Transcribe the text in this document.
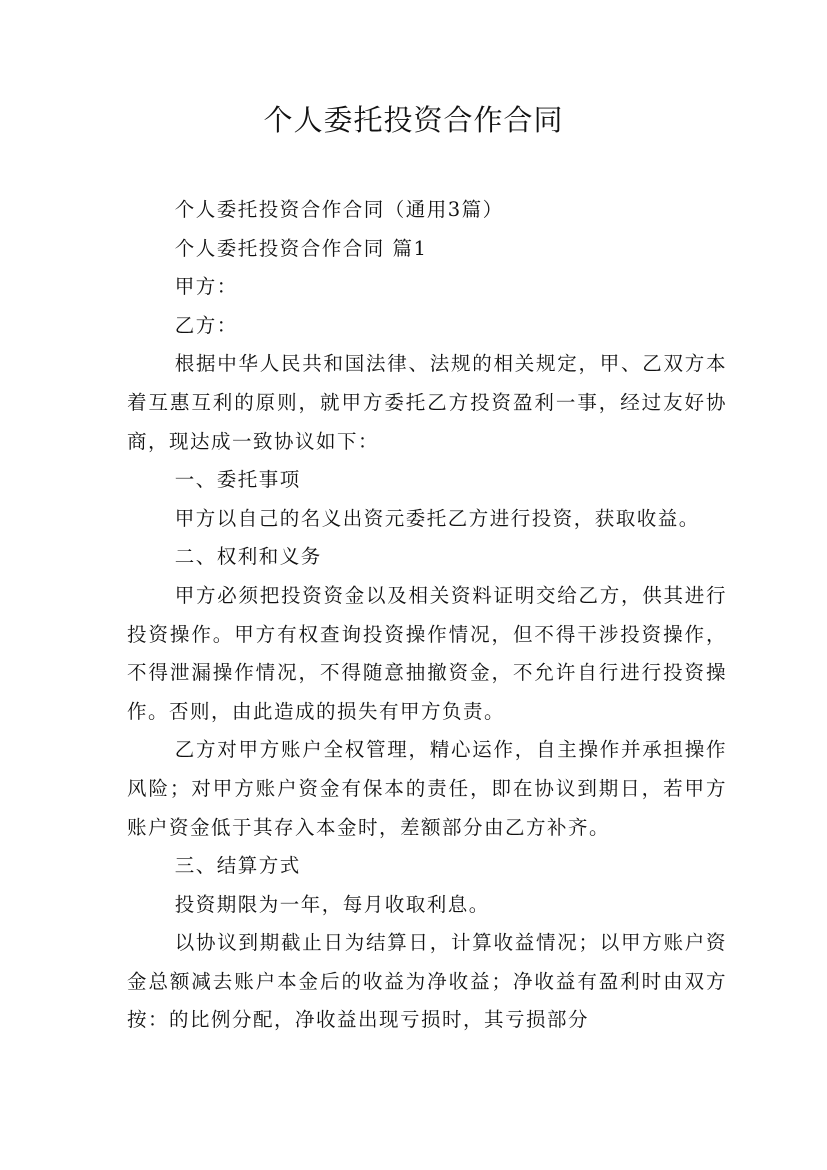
个人委托投资合作合同

个人委托投资合作合同（通用3篇）

个人委托投资合作合同 篇1

甲方：

乙方：

根据中华人民共和国法律、法规的相关规定，甲、乙双方本着互惠互利的原则，就甲方委托乙方投资盈利一事，经过友好协商，现达成一致协议如下：

一、委托事项

甲方以自己的名义出资元委托乙方进行投资，获取收益。

二、权利和义务

甲方必须把投资资金以及相关资料证明交给乙方，供其进行投资操作。甲方有权查询投资操作情况，但不得干涉投资操作，不得泄漏操作情况，不得随意抽撤资金，不允许自行进行投资操作。否则，由此造成的损失有甲方负责。

乙方对甲方账户全权管理，精心运作，自主操作并承担操作风险；对甲方账户资金有保本的责任，即在协议到期日，若甲方账户资金低于其存入本金时，差额部分由乙方补齐。

三、结算方式

投资期限为一年，每月收取利息。

以协议到期截止日为结算日，计算收益情况；以甲方账户资金总额减去账户本金后的收益为净收益；净收益有盈利时由双方按：的比例分配，净收益出现亏损时，其亏损部分
